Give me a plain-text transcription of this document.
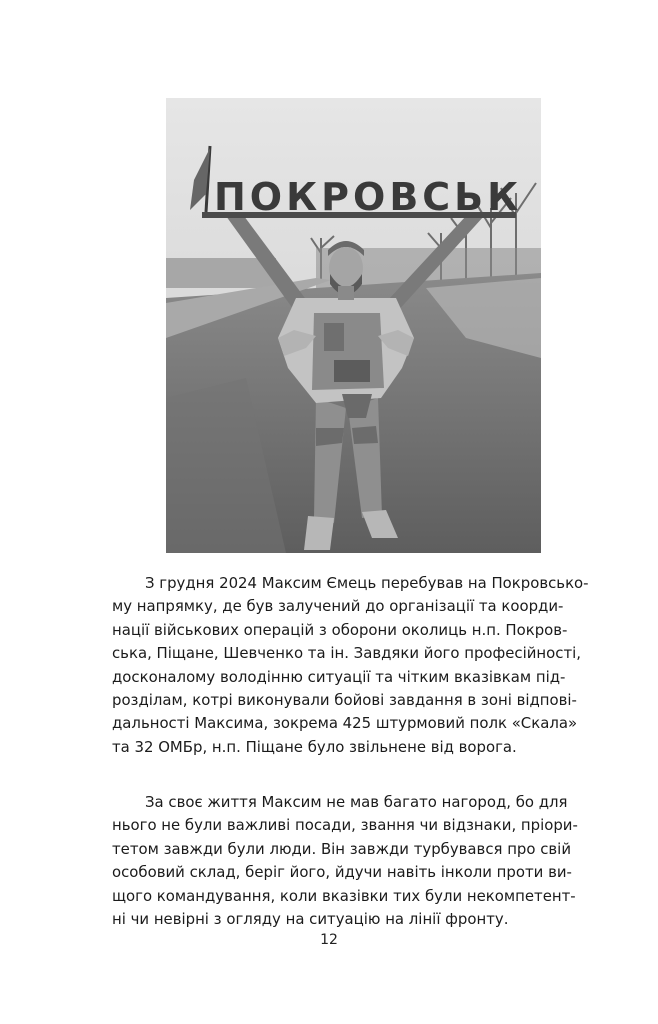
ПОКРОВСЬК
З грудня 2024 Максим Ємець перебував на Покровсько-
му напрямку, де був залучений до організації та коорди-
нації військових операцій з оборони околиць н.п. Покров-
ська, Піщане, Шевченко та ін. Завдяки його професійності,
досконалому володінню ситуації та чітким вказівкам під-
розділам, котрі виконували бойові завдання в зоні відпові-
дальності Максима, зокрема 425 штурмовий полк «Скала»
та 32 ОМБр, н.п. Піщане було звільнене від ворога.
За своє життя Максим не мав багато нагород, бо для
нього не були важливі посади, звання чи відзнаки, пріори-
тетом завжди були люди. Він завжди турбувався про свій
особовий склад, беріг його, йдучи навіть інколи проти ви-
щого командування, коли вказівки тих були некомпетент-
ні чи невірні з огляду на ситуацію на лінії фронту.
12
